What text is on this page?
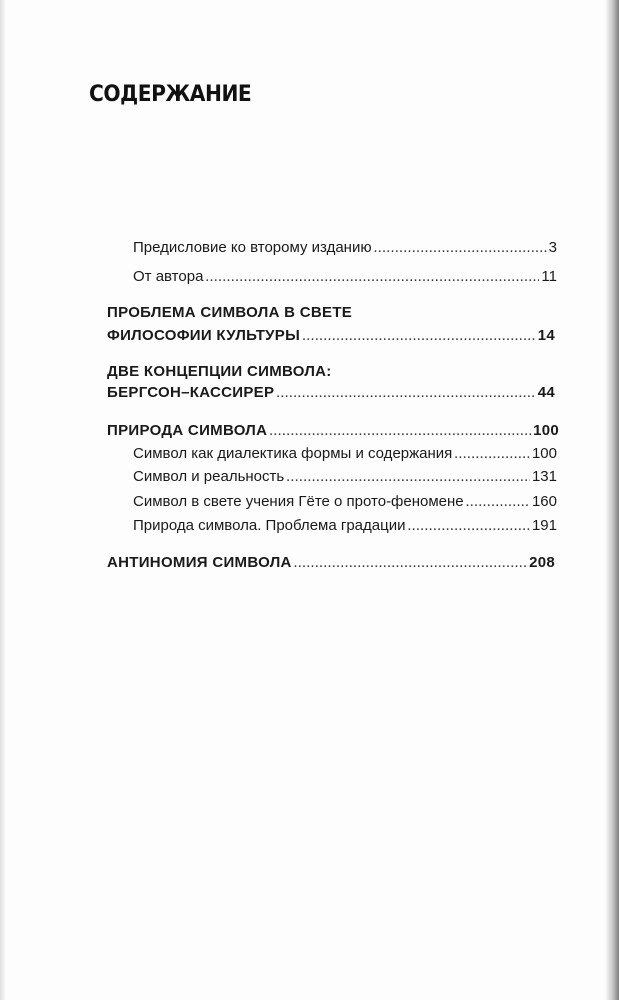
СОДЕРЖАНИЕ
Предисловие ко второму изданию .....	3
От автора .....	11
ПРОБЛЕМА СИМВОЛА В СВЕТЕ
ФИЛОСОФИИ КУЛЬТУРЫ .....	14
ДВЕ КОНЦЕПЦИИ СИМВОЛА:
БЕРГСОН–КАССИРЕР .....	44
ПРИРОДА СИМВОЛА .....	100
Символ как диалектика формы и содержания .....	100
Символ и реальность .....	131
Символ в свете учения Гёте о прото-феномене .....	160
Природа символа. Проблема градации .....	191
АНТИНОМИЯ СИМВОЛА .....	208
